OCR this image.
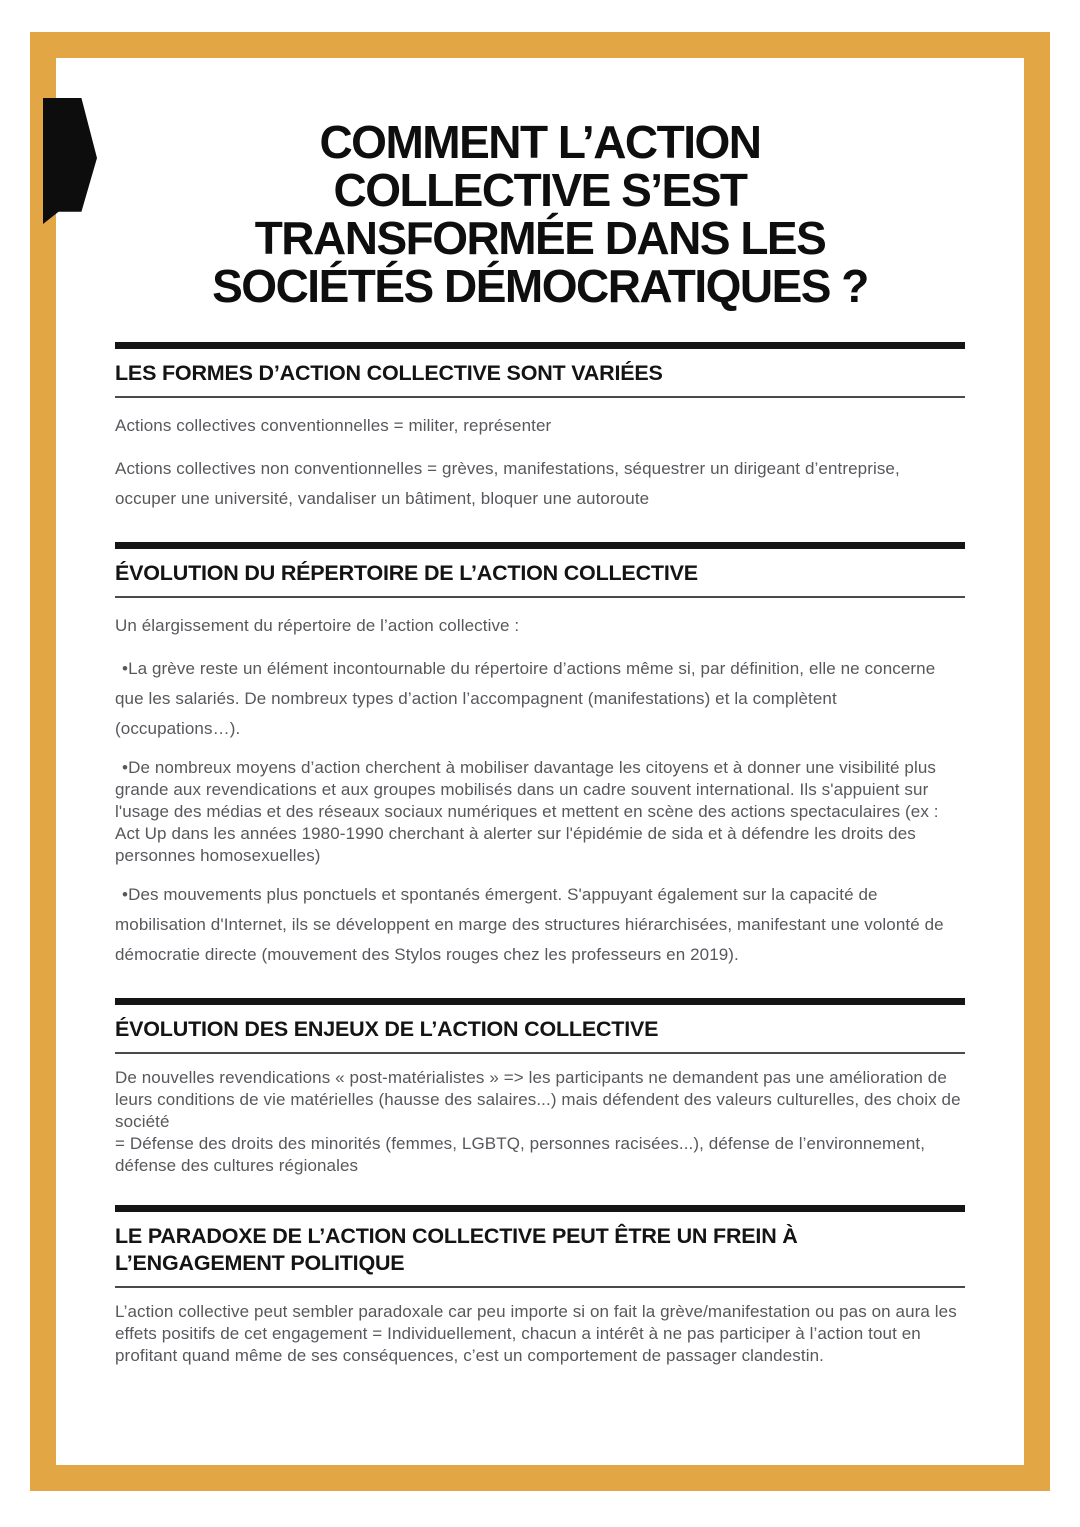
COMMENT L’ACTION
COLLECTIVE S’EST
TRANSFORMÉE DANS LES
SOCIÉTÉS DÉMOCRATIQUES ?
LES FORMES D’ACTION COLLECTIVE SONT VARIÉES

Actions collectives conventionnelles = militer, représenter

Actions collectives non conventionnelles = grèves, manifestations, séquestrer un dirigeant d’entreprise, occuper une université, vandaliser un bâtiment, bloquer une autoroute

ÉVOLUTION DU RÉPERTOIRE DE L’ACTION COLLECTIVE

Un élargissement du répertoire de l’action collective :

• La grève reste un élément incontournable du répertoire d’actions même si, par définition, elle ne concerne que les salariés. De nombreux types d’action l’accompagnent (manifestations) et la complètent (occupations…).

• De nombreux moyens d’action cherchent à mobiliser davantage les citoyens et à donner une visibilité plus grande aux revendications et aux groupes mobilisés dans un cadre souvent international. Ils s'appuient sur l'usage des médias et des réseaux sociaux numériques et mettent en scène des actions spectaculaires (ex : Act Up dans les années 1980-1990 cherchant à alerter sur l'épidémie de sida et à défendre les droits des personnes homosexuelles)

• Des mouvements plus ponctuels et spontanés émergent. S'appuyant également sur la capacité de mobilisation d'Internet, ils se développent en marge des structures hiérarchisées, manifestant une volonté de démocratie directe (mouvement des Stylos rouges chez les professeurs en 2019).

ÉVOLUTION DES ENJEUX DE L’ACTION COLLECTIVE

De nouvelles revendications « post-matérialistes » => les participants ne demandent pas une amélioration de leurs conditions de vie matérielles (hausse des salaires...) mais défendent des valeurs culturelles, des choix de société

= Défense des droits des minorités (femmes, LGBTQ, personnes racisées...), défense de l’environnement, défense des cultures régionales

LE PARADOXE DE L’ACTION COLLECTIVE PEUT ÊTRE UN FREIN À L’ENGAGEMENT POLITIQUE

L’action collective peut sembler paradoxale car peu importe si on fait la grève/manifestation ou pas on aura les effets positifs de cet engagement = Individuellement, chacun a intérêt à ne pas participer à l’action tout en profitant quand même de ses conséquences, c’est un comportement de passager clandestin.
